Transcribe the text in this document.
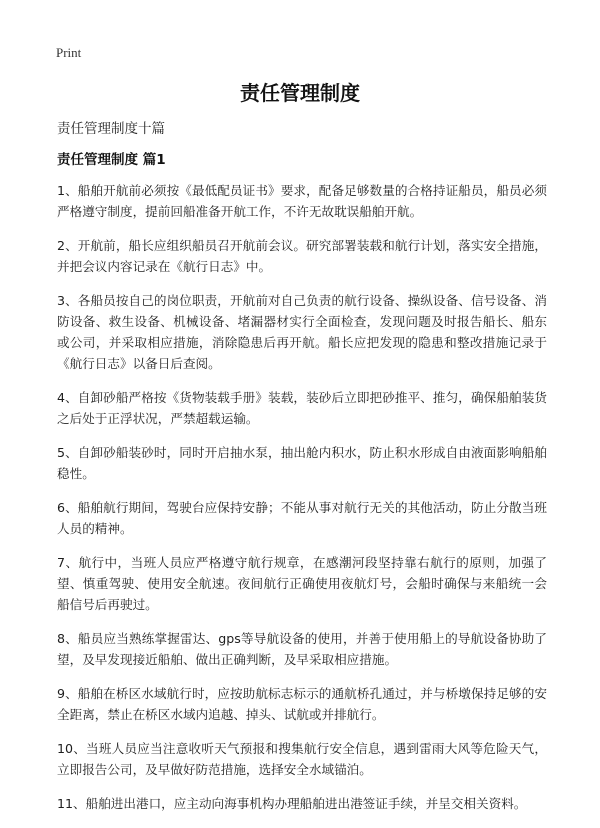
Print
责任管理制度
责任管理制度十篇
责任管理制度 篇1

1、船舶开航前必须按《最低配员证书》要求，配备足够数量的合格持证船员，船员必须严格遵守制度，提前回船准备开航工作，不许无故耽误船舶开航。

2、开航前，船长应组织船员召开航前会议。研究部署装载和航行计划，落实安全措施，并把会议内容记录在《航行日志》中。

3、各船员按自己的岗位职责，开航前对自己负责的航行设备、操纵设备、信号设备、消防设备、救生设备、机械设备、堵漏器材实行全面检查，发现问题及时报告船长、船东或公司，并采取相应措施，消除隐患后再开航。船长应把发现的隐患和整改措施记录于《航行日志》以备日后查阅。

4、自卸砂船严格按《货物装载手册》装载，装砂后立即把砂推平、推匀，确保船舶装货之后处于正浮状况，严禁超载运输。

5、自卸砂船装砂时，同时开启抽水泵，抽出舱内积水，防止积水形成自由液面影响船舶稳性。

6、船舶航行期间，驾驶台应保持安静；不能从事对航行无关的其他活动，防止分散当班人员的精神。

7、航行中，当班人员应严格遵守航行规章，在感潮河段坚持靠右航行的原则，加强了望、慎重驾驶、使用安全航速。夜间航行正确使用夜航灯号，会船时确保与来船统一会船信号后再驶过。

8、船员应当熟练掌握雷达、gps等导航设备的使用，并善于使用船上的导航设备协助了望，及早发现接近船舶、做出正确判断，及早采取相应措施。

9、船舶在桥区水域航行时，应按助航标志标示的通航桥孔通过，并与桥墩保持足够的安全距离，禁止在桥区水域内追越、掉头、试航或并排航行。

10、当班人员应当注意收听天气预报和搜集航行安全信息，遇到雷雨大风等危险天气，立即报告公司，及早做好防范措施，选择安全水域锚泊。

11、船舶进出港口，应主动向海事机构办理船舶进出港签证手续，并呈交相关资料。
